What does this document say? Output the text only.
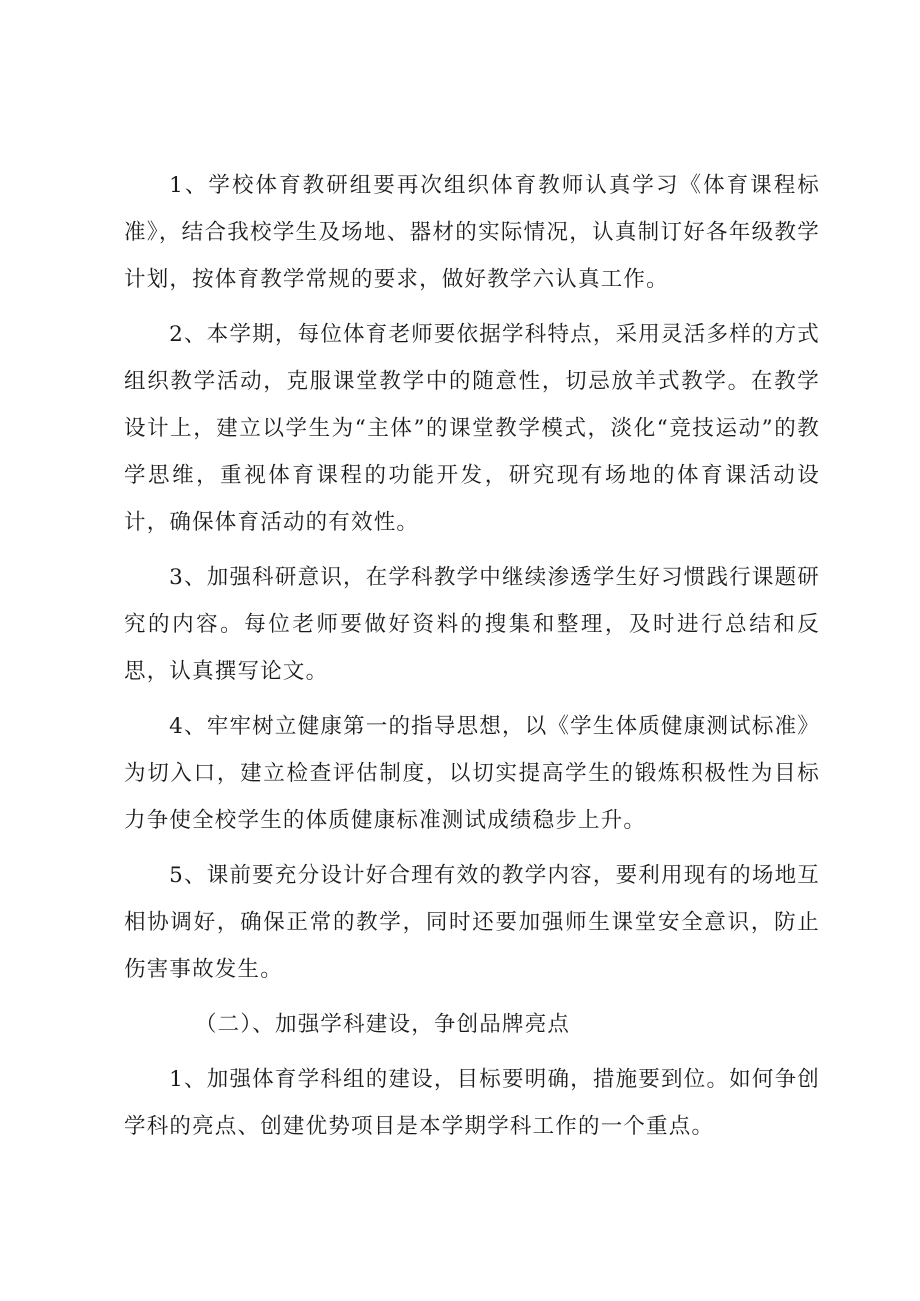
1、学校体育教研组要再次组织体育教师认真学习《体育课程标准》，结合我校学生及场地、器材的实际情况，认真制订好各年级教学计划，按体育教学常规的要求，做好教学六认真工作。

2、本学期，每位体育老师要依据学科特点，采用灵活多样的方式组织教学活动，克服课堂教学中的随意性，切忌放羊式教学。在教学设计上，建立以学生为“主体”的课堂教学模式，淡化“竞技运动”的教学思维，重视体育课程的功能开发，研究现有场地的体育课活动设计，确保体育活动的有效性。

3、加强科研意识，在学科教学中继续渗透学生好习惯践行课题研究的内容。每位老师要做好资料的搜集和整理，及时进行总结和反思，认真撰写论文。

4、牢牢树立健康第一的指导思想，以《学生体质健康测试标准》为切入口，建立检查评估制度，以切实提高学生的锻炼积极性为目标力争使全校学生的体质健康标准测试成绩稳步上升。

5、课前要充分设计好合理有效的教学内容，要利用现有的场地互相协调好，确保正常的教学，同时还要加强师生课堂安全意识，防止伤害事故发生。

（二）、加强学科建设，争创品牌亮点

1、加强体育学科组的建设，目标要明确，措施要到位。如何争创学科的亮点、创建优势项目是本学期学科工作的一个重点。
